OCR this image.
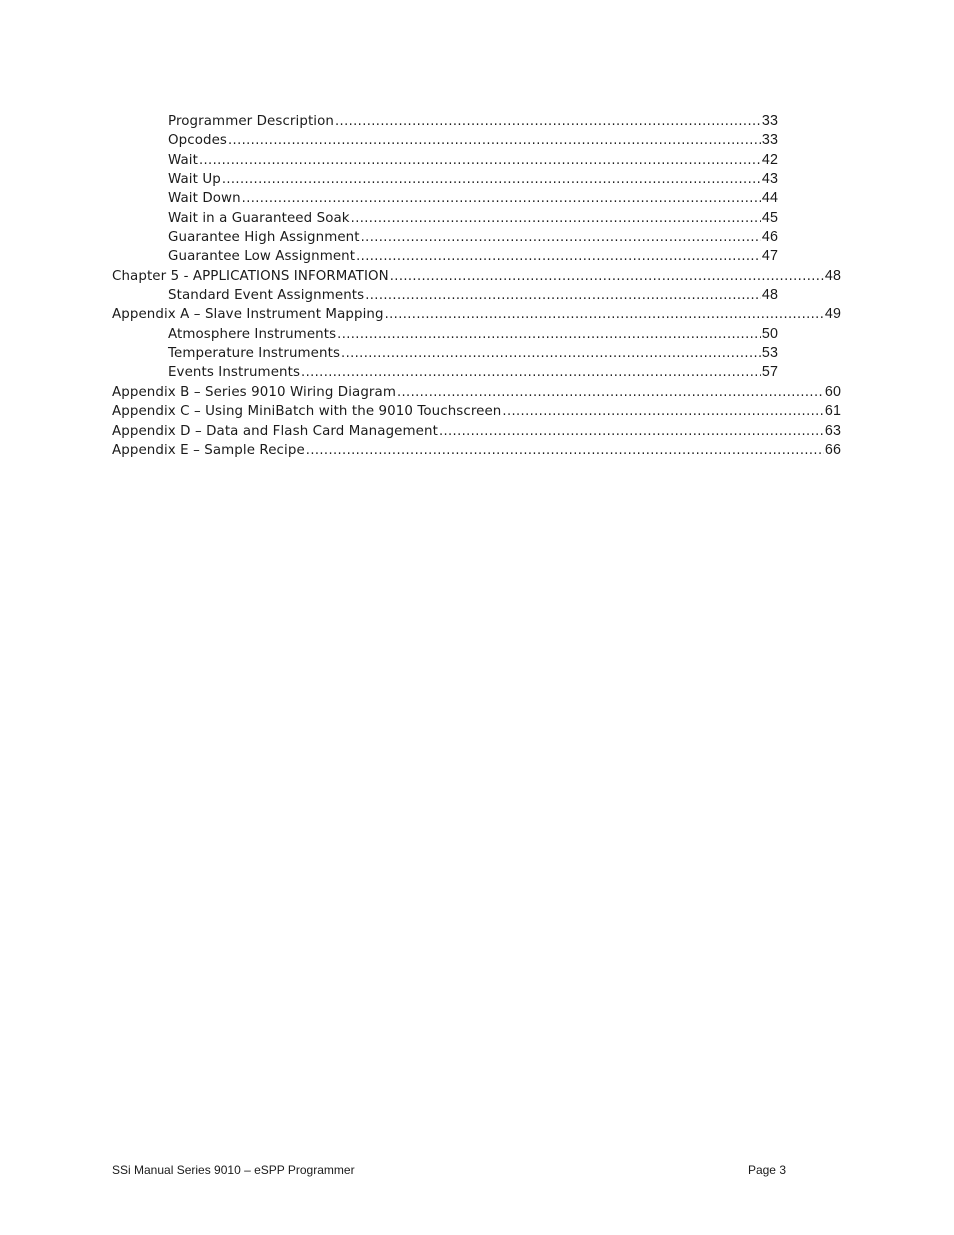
Programmer Description .....	33
Opcodes .....	33
Wait .....	42
Wait Up .....	43
Wait Down .....	44
Wait in a Guaranteed Soak .....	45
Guarantee High Assignment .....	46
Guarantee Low Assignment .....	47
Chapter 5 - APPLICATIONS INFORMATION .....	48
Standard Event Assignments .....	48
Appendix A – Slave Instrument Mapping .....	49
Atmosphere Instruments .....	50
Temperature Instruments .....	53
Events Instruments .....	57
Appendix B – Series 9010 Wiring Diagram .....	60
Appendix C – Using MiniBatch with the 9010 Touchscreen .....	61
Appendix D – Data and Flash Card Management .....	63
Appendix E – Sample Recipe .....	66
SSi Manual Series 9010 – eSPP Programmer	Page 3
